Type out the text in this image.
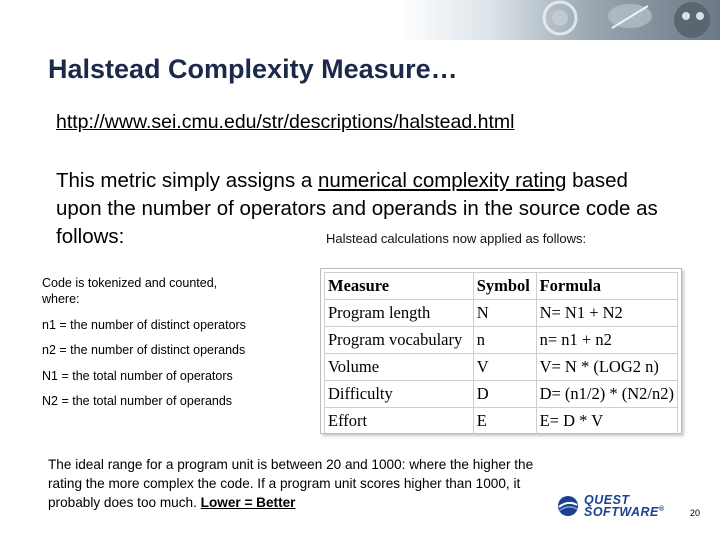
Halstead Complexity Measure…
http://www.sei.cmu.edu/str/descriptions/halstead.html

This metric simply assigns a numerical complexity rating based upon the number of operators and operands in the source code as follows:	Halstead calculations now applied as follows:

Code is tokenized and counted,

where:

n1 = the number of distinct operators

n2 = the number of distinct operands

N1 = the total number of operators

N2 = the total number of operands

Measure	Symbol	Formula
Program length	N	N= N1 + N2
Program vocabulary	n	n= n1 + n2
Volume	V	V= N * (LOG2 n)
Difficulty	D	D= (n1/2) * (N2/n2)
Effort	E	E= D * V

The ideal range for a program unit is between 20 and 1000: where the higher the rating the more complex the code. If a program unit scores higher than 1000, it probably does too much. Lower = Better	QUEST
SOFTWARE®	20
